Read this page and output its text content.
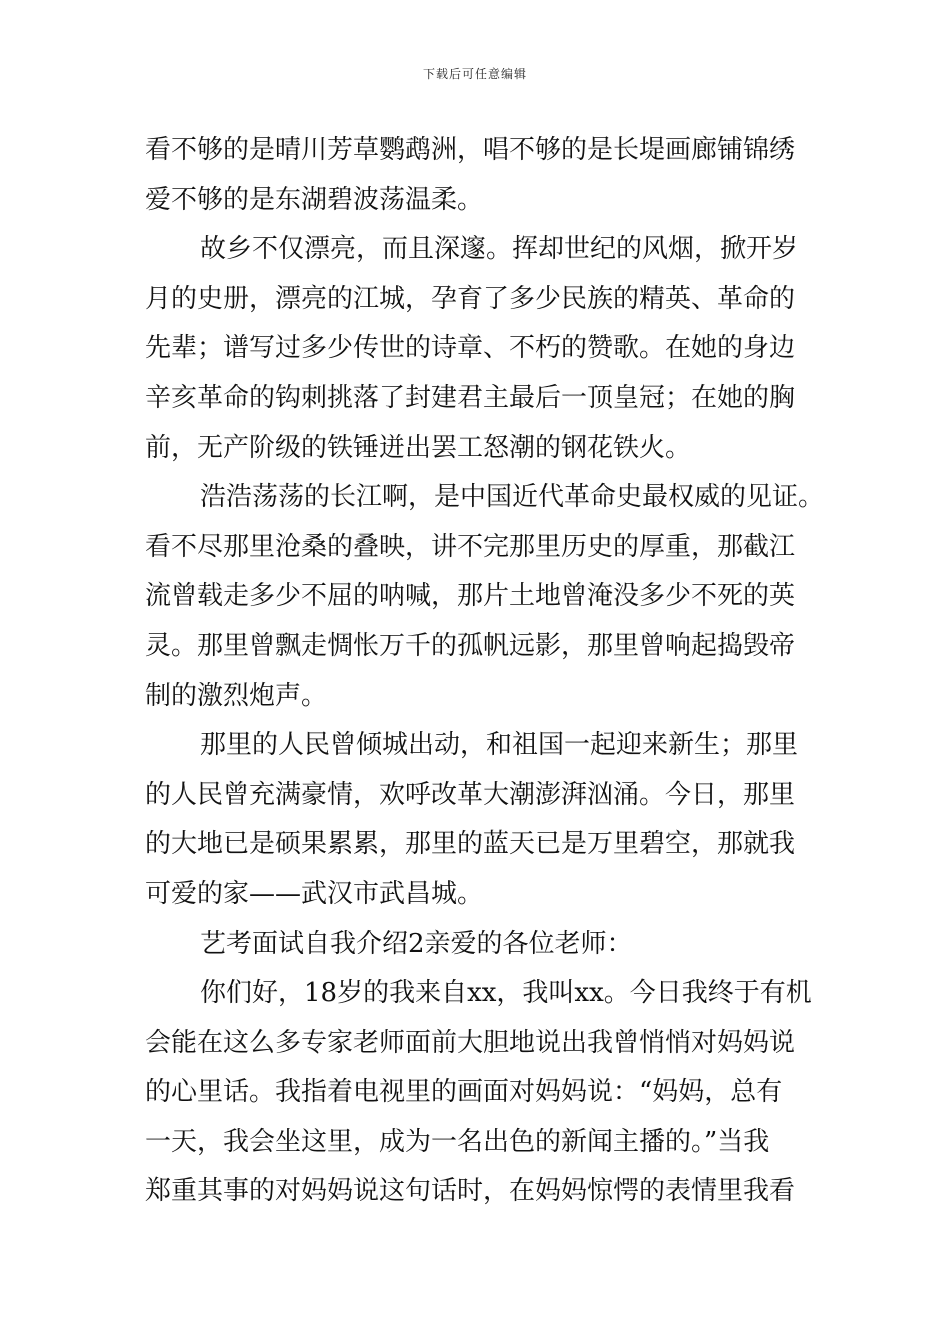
下载后可任意编辑
看不够的是晴川芳草鹦鹉洲，唱不够的是长堤画廊铺锦绣
爱不够的是东湖碧波荡温柔。
故乡不仅漂亮，而且深邃。挥却世纪的风烟，掀开岁
月的史册，漂亮的江城，孕育了多少民族的精英、革命的
先辈；谱写过多少传世的诗章、不朽的赞歌。在她的身边
辛亥革命的钩刺挑落了封建君主最后一顶皇冠；在她的胸
前，无产阶级的铁锤迸出罢工怒潮的钢花铁火。
浩浩荡荡的长江啊，是中国近代革命史最权威的见证。
看不尽那里沧桑的叠映，讲不完那里历史的厚重，那截江
流曾载走多少不屈的呐喊，那片土地曾淹没多少不死的英
灵。那里曾飘走惆怅万千的孤帆远影，那里曾响起捣毁帝
制的激烈炮声。
那里的人民曾倾城出动，和祖国一起迎来新生；那里
的人民曾充满豪情，欢呼改革大潮澎湃汹涌。今日，那里
的大地已是硕果累累，那里的蓝天已是万里碧空，那就我
可爱的家——武汉市武昌城。
艺考面试自我介绍2亲爱的各位老师：
你们好，18岁的我来自xx，我叫xx。今日我终于有机
会能在这么多专家老师面前大胆地说出我曾悄悄对妈妈说
的心里话。我指着电视里的画面对妈妈说：“妈妈，总有
一天，我会坐这里，成为一名出色的新闻主播的。”当我
郑重其事的对妈妈说这句话时，在妈妈惊愕的表情里我看
